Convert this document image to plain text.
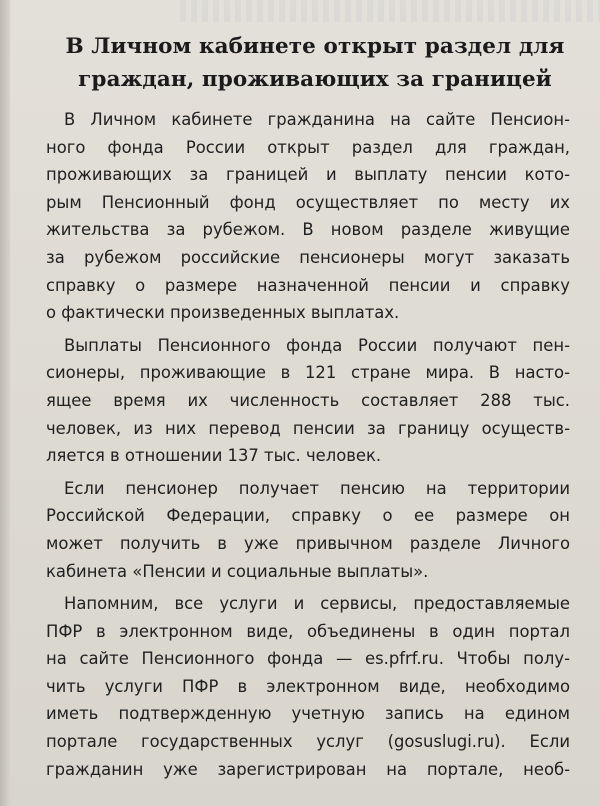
В Личном кабинете открыт раздел для
граждан, проживающих за границей

В Личном кабинете гражданина на сайте Пенсион-
ного фонда России открыт раздел для граждан,
проживающих за границей и выплату пенсии кото-
рым Пенсионный фонд осуществляет по месту их
жительства за рубежом. В новом разделе живущие
за рубежом российские пенсионеры могут заказать
справку о размере назначенной пенсии и справку
о фактически произведенных выплатах.

Выплаты Пенсионного фонда России получают пен-
сионеры, проживающие в 121 стране мира. В насто-
ящее время их численность составляет 288 тыс.
человек, из них перевод пенсии за границу осуществ-
ляется в отношении 137 тыс. человек.

Если пенсионер получает пенсию на территории
Российской Федерации, справку о ее размере он
может получить в уже привычном разделе Личного
кабинета «Пенсии и социальные выплаты».

Напомним, все услуги и сервисы, предоставляемые
ПФР в электронном виде, объединены в один портал
на сайте Пенсионного фонда — es.pfrf.ru. Чтобы полу-
чить услуги ПФР в электронном виде, необходимо
иметь подтвержденную учетную запись на едином
портале государственных услуг (gosuslugi.ru). Если
гражданин уже зарегистрирован на портале, необ-
